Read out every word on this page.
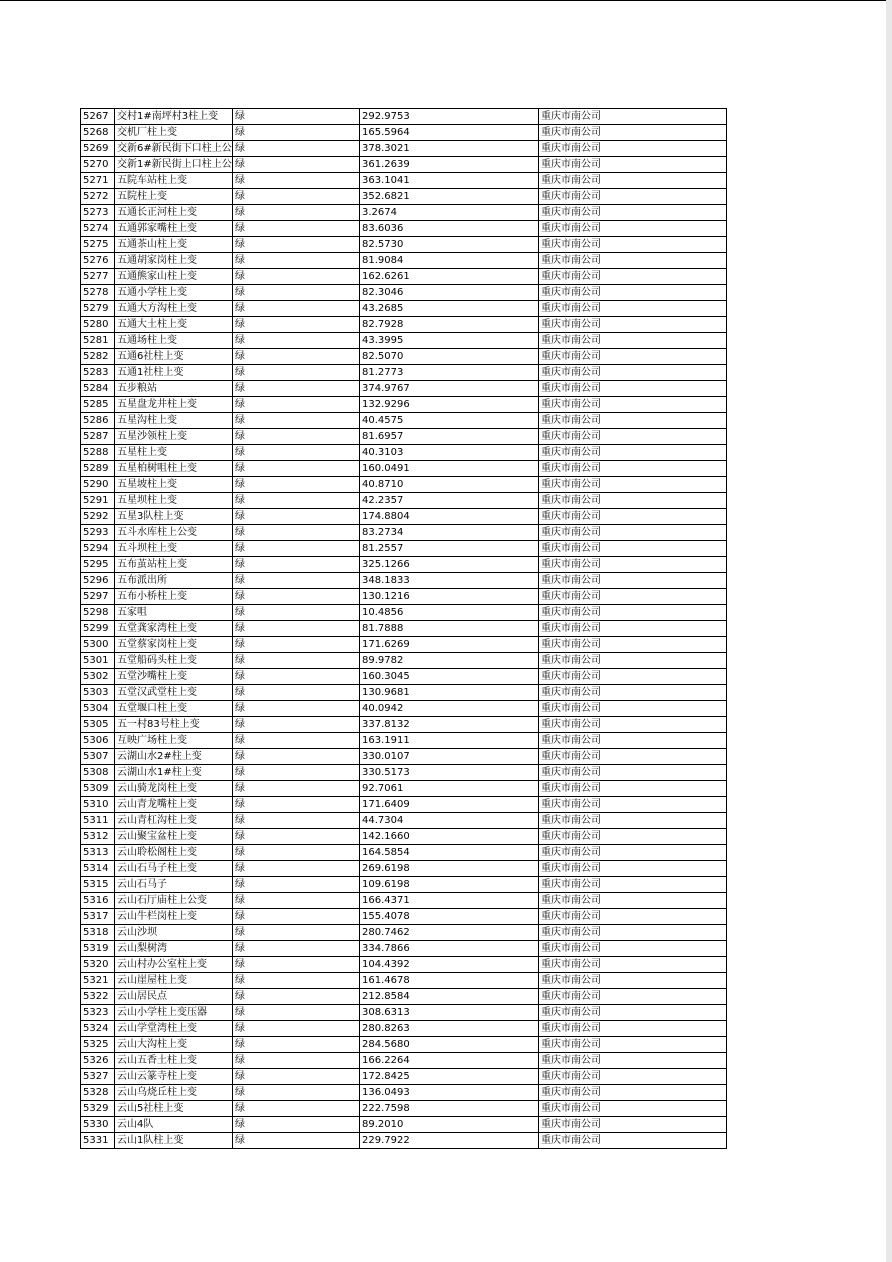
5267	交村1#南坪村3柱上变	绿	292.9753	重庆市南公司
5268	交机厂柱上变	绿	165.5964	重庆市南公司
5269	交新6#新民街下口柱上公	绿	378.3021	重庆市南公司
5270	交新1#新民街上口柱上公	绿	361.2639	重庆市南公司
5271	五院车站柱上变	绿	363.1041	重庆市南公司
5272	五院柱上变	绿	352.6821	重庆市南公司
5273	五通长正河柱上变	绿	3.2674	重庆市南公司
5274	五通郭家嘴柱上变	绿	83.6036	重庆市南公司
5275	五通茶山柱上变	绿	82.5730	重庆市南公司
5276	五通胡家岗柱上变	绿	81.9084	重庆市南公司
5277	五通熊家山柱上变	绿	162.6261	重庆市南公司
5278	五通小学柱上变	绿	82.3046	重庆市南公司
5279	五通大方沟柱上变	绿	43.2685	重庆市南公司
5280	五通大土柱上变	绿	82.7928	重庆市南公司
5281	五通场柱上变	绿	43.3995	重庆市南公司
5282	五通6社柱上变	绿	82.5070	重庆市南公司
5283	五通1社柱上变	绿	81.2773	重庆市南公司
5284	五步粮站	绿	374.9767	重庆市南公司
5285	五星盘龙井柱上变	绿	132.9296	重庆市南公司
5286	五星沟柱上变	绿	40.4575	重庆市南公司
5287	五星沙领柱上变	绿	81.6957	重庆市南公司
5288	五星柱上变	绿	40.3103	重庆市南公司
5289	五星柏树咀柱上变	绿	160.0491	重庆市南公司
5290	五星坡柱上变	绿	40.8710	重庆市南公司
5291	五星坝柱上变	绿	42.2357	重庆市南公司
5292	五星3队柱上变	绿	174.8804	重庆市南公司
5293	五斗水库柱上公变	绿	83.2734	重庆市南公司
5294	五斗坝柱上变	绿	81.2557	重庆市南公司
5295	五布茧站柱上变	绿	325.1266	重庆市南公司
5296	五布派出所	绿	348.1833	重庆市南公司
5297	五布小桥柱上变	绿	130.1216	重庆市南公司
5298	五家咀	绿	10.4856	重庆市南公司
5299	五堂龚家湾柱上变	绿	81.7888	重庆市南公司
5300	五堂蔡家岗柱上变	绿	171.6269	重庆市南公司
5301	五堂船码头柱上变	绿	89.9782	重庆市南公司
5302	五堂沙嘴柱上变	绿	160.3045	重庆市南公司
5303	五堂汉武堂柱上变	绿	130.9681	重庆市南公司
5304	五堂堰口柱上变	绿	40.0942	重庆市南公司
5305	五一村83号柱上变	绿	337.8132	重庆市南公司
5306	互映广场柱上变	绿	163.1911	重庆市南公司
5307	云湖山水2#柱上变	绿	330.0107	重庆市南公司
5308	云湖山水1#柱上变	绿	330.5173	重庆市南公司
5309	云山骑龙岗柱上变	绿	92.7061	重庆市南公司
5310	云山青龙嘴柱上变	绿	171.6409	重庆市南公司
5311	云山青杠沟柱上变	绿	44.7304	重庆市南公司
5312	云山聚宝盆柱上变	绿	142.1660	重庆市南公司
5313	云山聆松阁柱上变	绿	164.5854	重庆市南公司
5314	云山石马子柱上变	绿	269.6198	重庆市南公司
5315	云山石马子	绿	109.6198	重庆市南公司
5316	云山石厅庙柱上公变	绿	166.4371	重庆市南公司
5317	云山牛栏岗柱上变	绿	155.4078	重庆市南公司
5318	云山沙坝	绿	280.7462	重庆市南公司
5319	云山梨树湾	绿	334.7866	重庆市南公司
5320	云山村办公室柱上变	绿	104.4392	重庆市南公司
5321	云山崖屋柱上变	绿	161.4678	重庆市南公司
5322	云山居民点	绿	212.8584	重庆市南公司
5323	云山小学柱上变压器	绿	308.6313	重庆市南公司
5324	云山学堂湾柱上变	绿	280.8263	重庆市南公司
5325	云山大沟柱上变	绿	284.5680	重庆市南公司
5326	云山五香土柱上变	绿	166.2264	重庆市南公司
5327	云山云篆寺柱上变	绿	172.8425	重庆市南公司
5328	云山乌烧丘柱上变	绿	136.0493	重庆市南公司
5329	云山5社柱上变	绿	222.7598	重庆市南公司
5330	云山4队	绿	89.2010	重庆市南公司
5331	云山1队柱上变	绿	229.7922	重庆市南公司
